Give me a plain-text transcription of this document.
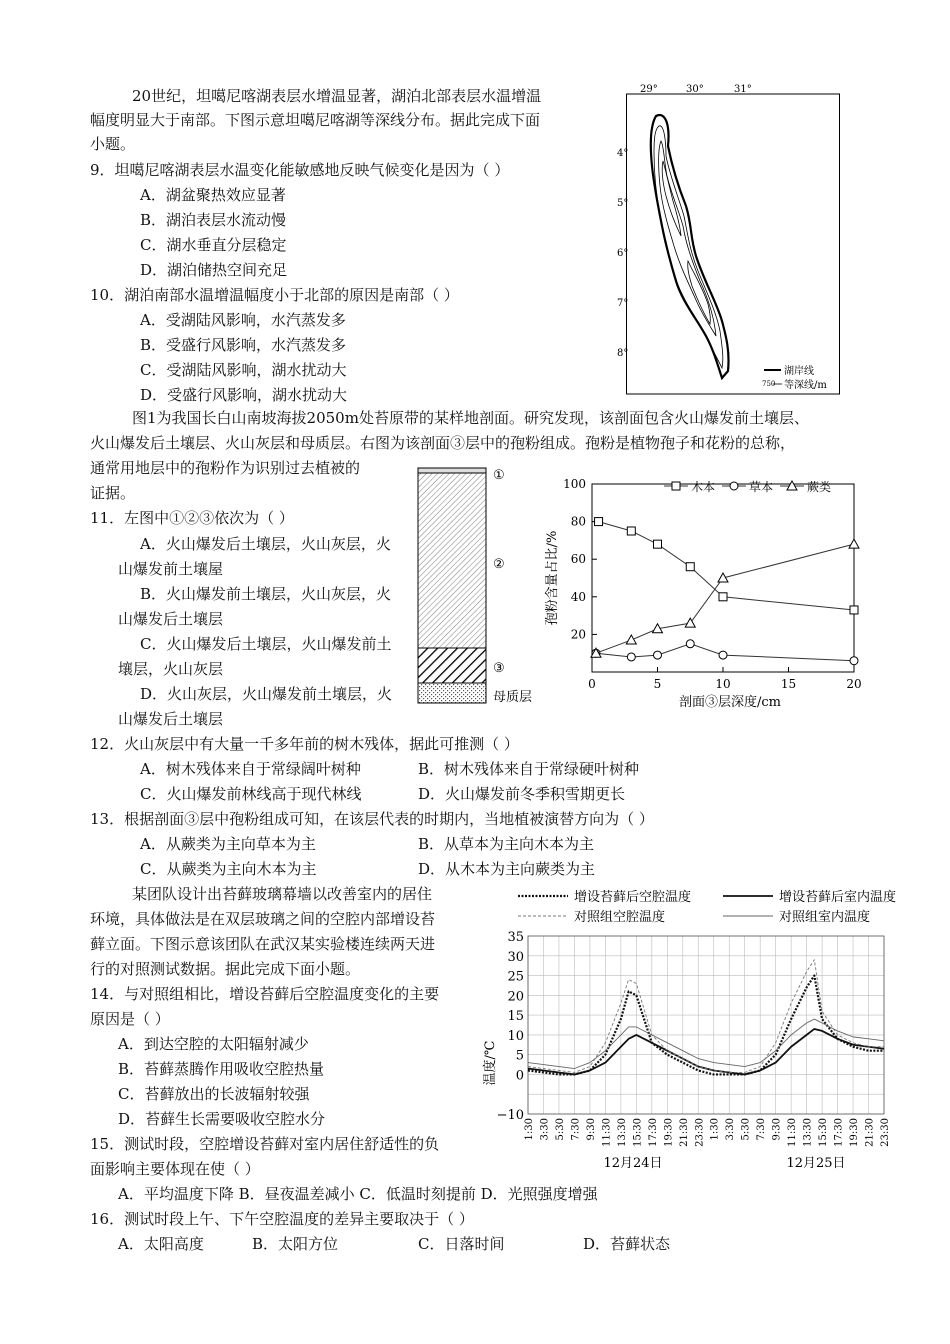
20世纪，坦噶尼喀湖表层水增温显著，湖泊北部表层水温增温
幅度明显大于南部。下图示意坦噶尼喀湖等深线分布。据此完成下面
小题。
9．坦噶尼喀湖表层水温变化能敏感地反映气候变化是因为（ ）
A．湖盆聚热效应显著
B．湖泊表层水流动慢
C．湖水垂直分层稳定
D．湖泊储热空间充足
10．湖泊南部水温增温幅度小于北部的原因是南部（ ）
A．受湖陆风影响，水汽蒸发多
B．受盛行风影响，水汽蒸发多
C．受湖陆风影响，湖水扰动大
D．受盛行风影响，湖水扰动大
29°	30°	31°
4°
5°
6°
7°
8°
湖岸线
750 等深线/m
图1为我国长白山南坡海拔2050m处苔原带的某样地剖面。研究发现，该剖面包含火山爆发前土壤层、
火山爆发后土壤层、火山灰层和母质层。右图为该剖面③层中的孢粉组成。孢粉是植物孢子和花粉的总称，
通常用地层中的孢粉作为识别过去植被的
证据。
11．左图中①②③依次为（ ）
A．火山爆发后土壤层，火山灰层，火
山爆发前土壤屋
B．火山爆发前土壤层，火山灰层，火
山爆发后土壤层
C．火山爆发后土壤层，火山爆发前土
壤层，火山灰层
D．火山灰层，火山爆发前土壤层，火
山爆发后土壤层
①
②
③
母质层
20
40
60
80
100
0	5	10	15	20
木本	草本	蕨类
剖面③层深度/cm
孢粉含量占比/%
12．火山灰层中有大量一千多年前的树木残体，据此可推测（ ）
A．树木残体来自于常绿阔叶树种	B．树木残体来自于常绿硬叶树种
C．火山爆发前林线高于现代林线	D．火山爆发前冬季积雪期更长
13．根据剖面③层中孢粉组成可知，在该层代表的时期内，当地植被演替方向为（ ）
A．从蕨类为主向草本为主	B．从草本为主向木本为主
C．从蕨类为主向木本为主	D．从木本为主向蕨类为主
某团队设计出苔藓玻璃幕墙以改善室内的居住
环境，具体做法是在双层玻璃之间的空腔内部增设苔
藓立面。下图示意该团队在武汉某实验楼连续两天进
行的对照测试数据。据此完成下面小题。
14．与对照组相比，增设苔藓后空腔温度变化的主要
原因是（ ）
A．到达空腔的太阳辐射减少
B．苔藓蒸腾作用吸收空腔热量
C．苔藓放出的长波辐射较强
D．苔藓生长需要吸收空腔水分
15．测试时段，空腔增设苔藓对室内居住舒适性的负
面影响主要体现在使（ ）
A．平均温度下降 B．昼夜温差减小 C．低温时刻提前 D．光照强度增强
16．测试时段上午、下午空腔温度的差异主要取决于（ ）
A．太阳高度	B．太阳方位	C．日落时间	D．苔藓状态
增设苔藓后空腔温度	增设苔藓后室内温度
对照组空腔温度	对照组室内温度
35
30
25
20
15
10
5
0
−10
1:30 3:30 5:30 7:30 9:30 11:30 13:30 15:30 17:30 19:30 21:30 23:30 1:30 3:30 5:30 7:30 9:30 11:30 13:30 15:30 17:30 19:30 21:30 23:30
温度/℃
12月24日	12月25日
